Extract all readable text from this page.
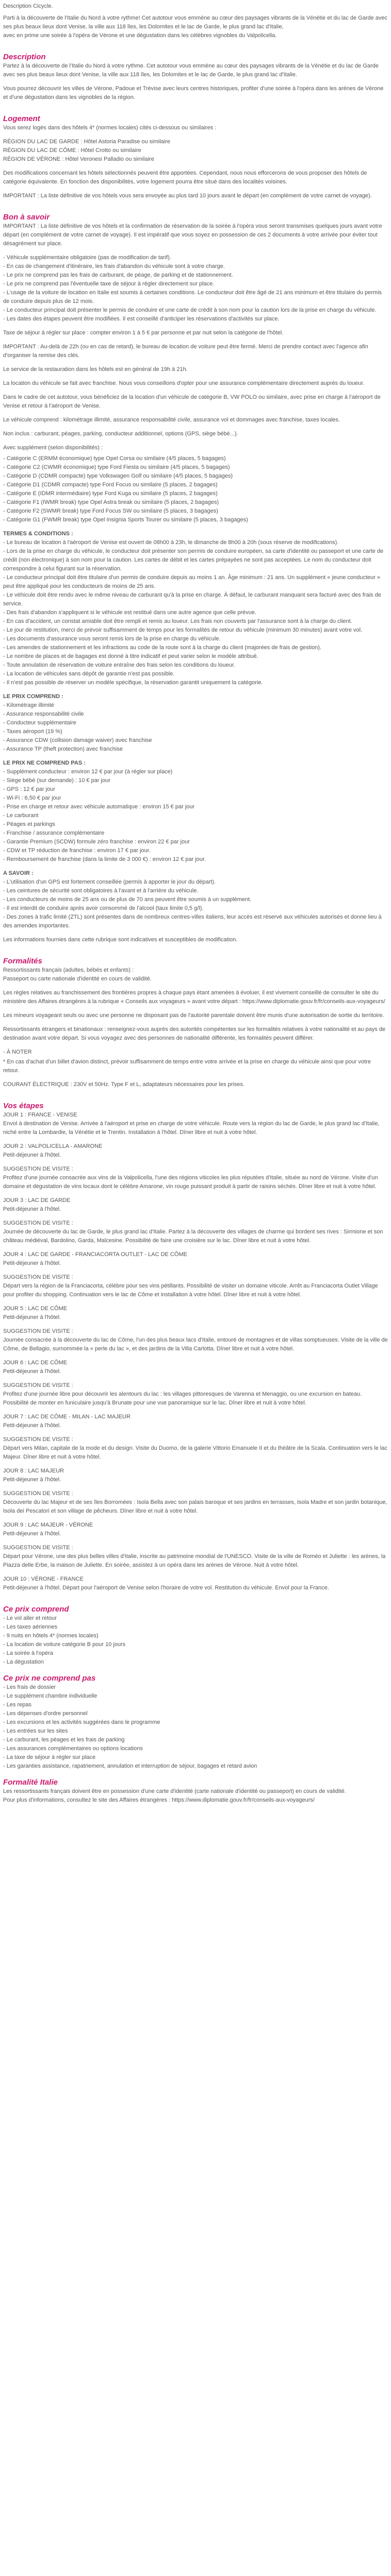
Description Cicycle.

Parti à la découverte de l'Italie du Nord à votre rythme! Cet autotour vous emmène au cœur des paysages vibrants de la Vénétie et du lac de Garde avec ses plus beaux lieux dont Venise, la ville aux 118 îles, les Dolomites et le lac de Garde, le plus grand lac d'Italie,

avec en prime une soirée à l'opéra de Vérone et une dégustation dans les célèbres vignobles du Valpolicella.

Description

Partez à la découverte de l'Italie du Nord à votre rythme. Cet autotour vous emmène au cœur des paysages vibrants de la Vénétie et du lac de Garde avec ses plus beaux lieux dont Venise, la ville aux 118 îles, les Dolomites et le lac de Garde, le plus grand lac d'Italie.

Vous pourrez découvrir les villes de Vérone, Padoue et Trévise avec leurs centres historiques, profiter d'une soirée à l'opéra dans les arènes de Vérone et d'une dégustation dans les vignobles de la région.

Logement

Vous serez logés dans des hôtels 4* (normes locales) cités ci-dessous ou similaires :

RÉGION DU LAC DE GARDE : Hôtel Astoria Paradise ou similaire
RÉGION DU LAC DE CÔME : Hôtel Crotto ou similaire
RÉGION DE VÉRONE : Hôtel Veronesi Palladio ou similaire

Des modifications concernant les hôtels sélectionnés peuvent être apportées. Cependant, nous nous efforcerons de vous proposer des hôtels de catégorie équivalente. En fonction des disponibilités, votre logement pourra être situé dans des localités voisines.

IMPORTANT : La liste définitive de vos hôtels vous sera envoyée au plus tard 10 jours avant le départ (en complément de votre carnet de voyage).

Bon à savoir

IMPORTANT : La liste définitive de vos hôtels et la confirmation de réservation de la soirée à l'opéra vous seront transmises quelques jours avant votre départ (en complément de votre carnet de voyage). Il est impératif que vous soyez en possession de ces 2 documents à votre arrivée pour éviter tout désagrément sur place.

- Véhicule supplémentaire obligatoire (pas de modification de tarif).
- En cas de changement d'itinéraire, les frais d'abandon du véhicule sont à votre charge.
- Le prix ne comprend pas les frais de carburant, de péage, de parking et de stationnement.
- Le prix ne comprend pas l'éventuelle taxe de séjour à régler directement sur place.
- L'usage de la voiture de location en Italie est soumis à certaines conditions. Le conducteur doit être âgé de 21 ans minimum et être titulaire du permis de conduire depuis plus de 12 mois.
- Le conducteur principal doit présenter le permis de conduire et une carte de crédit à son nom pour la caution lors de la prise en charge du véhicule.
- Les dates des étapes peuvent être modifiées. Il est conseillé d'anticiper les réservations d'activités sur place.

Taxe de séjour à régler sur place : compter environ 1 à 5 € par personne et par nuit selon la catégorie de l'hôtel.

IMPORTANT : Au-delà de 22h (ou en cas de retard), le bureau de location de voiture peut être fermé. Merci de prendre contact avec l'agence afin d'organiser la remise des clés.

Le service de la restauration dans les hôtels est en général de 19h à 21h.

La location du véhicule se fait avec franchise. Nous vous conseillons d'opter pour une assurance complémentaire directement auprès du loueur.

Dans le cadre de cet autotour, vous bénéficiez de la location d'un véhicule de catégorie B, VW POLO ou similaire, avec prise en charge à l'aéroport de Venise et retour à l'aéroport de Venise.

Le véhicule comprend : kilométrage illimité, assurance responsabilité civile, assurance vol et dommages avec franchise, taxes locales.

Non inclus : carburant, péages, parking, conducteur additionnel, options (GPS, siège bébé...).

Avec supplément (selon disponibilités) :

- Catégorie C (ERMM économique) type Opel Corsa ou similaire (4/5 places, 5 bagages)
- Catégorie C2 (CWMR économique) type Ford Fiesta ou similaire (4/5 places, 5 bagages)
- Catégorie D (CDMR compacte) type Volkswagen Golf ou similaire (4/5 places, 5 bagages)
- Catégorie D1 (CDMR compacte) type Ford Focus ou similaire (5 places, 2 bagages)
- Catégorie E (IDMR intermédiaire) type Ford Kuga ou similaire (5 places, 2 bagages)
- Catégorie F1 (IWMR break) type Opel Astra break ou similaire (5 places, 2 bagages)
- Catégorie F2 (SWMR break) type Ford Focus SW ou similaire (5 places, 3 bagages)
- Catégorie G1 (FWMR break) type Opel Insignia Sports Tourer ou similaire (5 places, 3 bagages)

TERMES & CONDITIONS :

- Le bureau de location à l'aéroport de Venise est ouvert de 08h00 à 23h, le dimanche de 8h00 à 20h (sous réserve de modifications).
- Lors de la prise en charge du véhicule, le conducteur doit présenter son permis de conduire européen, sa carte d'identité ou passeport et une carte de crédit (non électronique) à son nom pour la caution. Les cartes de débit et les cartes prépayées ne sont pas acceptées. Le nom du conducteur doit correspondre à celui figurant sur la réservation.
- Le conducteur principal doit être titulaire d'un permis de conduire depuis au moins 1 an. Âge minimum : 21 ans. Un supplément « jeune conducteur » peut être appliqué pour les conducteurs de moins de 25 ans.
- Le véhicule doit être rendu avec le même niveau de carburant qu'à la prise en charge. À défaut, le carburant manquant sera facturé avec des frais de service.
- Des frais d'abandon s'appliquent si le véhicule est restitué dans une autre agence que celle prévue.
- En cas d'accident, un constat amiable doit être rempli et remis au loueur. Les frais non couverts par l'assurance sont à la charge du client.
- Le jour de restitution, merci de prévoir suffisamment de temps pour les formalités de retour du véhicule (minimum 30 minutes) avant votre vol.
- Les documents d'assurance vous seront remis lors de la prise en charge du véhicule.
- Les amendes de stationnement et les infractions au code de la route sont à la charge du client (majorées de frais de gestion).
- Le nombre de places et de bagages est donné à titre indicatif et peut varier selon le modèle attribué.
- Toute annulation de réservation de voiture entraîne des frais selon les conditions du loueur.
- La location de véhicules sans dépôt de garantie n'est pas possible.
- Il n'est pas possible de réserver un modèle spécifique, la réservation garantit uniquement la catégorie.

LE PRIX COMPREND :

- Kilométrage illimité
- Assurance responsabilité civile
- Conducteur supplémentaire
- Taxes aéroport (19 %)
- Assurance CDW (collision damage waiver) avec franchise
- Assurance TP (theft protection) avec franchise

LE PRIX NE COMPREND PAS :

- Supplément conducteur : environ 12 € par jour (à régler sur place)
- Siège bébé (sur demande) : 10 € par jour
- GPS : 12 € par jour
- Wi-Fi : 6,50 € par jour
- Prise en charge et retour avec véhicule automatique : environ 15 € par jour
- Le carburant
- Péages et parkings
- Franchise / assurance complémentaire
- Garantie Premium (SCDW) formule zéro franchise : environ 22 € par jour
- CDW et TP réduction de franchise : environ 17 € par jour.
- Remboursement de franchise (dans la limite de 3 000 €) : environ 12 € par jour.

A SAVOIR :

- L'utilisation d'un GPS est fortement conseillée (permis à apporter le jour du départ).
- Les ceintures de sécurité sont obligatoires à l'avant et à l'arrière du véhicule.
- Les conducteurs de moins de 25 ans ou de plus de 70 ans peuvent être soumis à un supplément.
- Il est interdit de conduire après avoir consommé de l'alcool (taux limite 0,5 g/l).
- Des zones à trafic limité (ZTL) sont présentes dans de nombreux centres-villes italiens, leur accès est réservé aux véhicules autorisés et donne lieu à des amendes importantes.

Les informations fournies dans cette rubrique sont indicatives et susceptibles de modification.

Formalités
Ressortissants français (adultes, bébés et enfants) :
Passeport ou carte nationale d'identité en cours de validité.

Les règles relatives au franchissement des frontières propres à chaque pays étant amenées à évoluer, il est vivement conseillé de consulter le site du ministère des Affaires étrangères à la rubrique « Conseils aux voyageurs » avant votre départ : https://www.diplomatie.gouv.fr/fr/conseils-aux-voyageurs/

Les mineurs voyageant seuls ou avec une personne ne disposant pas de l'autorité parentale doivent être munis d'une autorisation de sortie du territoire.

Ressortissants étrangers et binationaux : renseignez-vous auprès des autorités compétentes sur les formalités relatives à votre nationalité et au pays de destination avant votre départ. Si vous voyagez avec des personnes de nationalité différente, les formalités peuvent différer.

- À NOTER

* En cas d'achat d'un billet d'avion distinct, prévoir suffisamment de temps entre votre arrivée et la prise en charge du véhicule ainsi que pour votre retour.

COURANT ÉLECTRIQUE : 230V et 50Hz. Type F et L, adaptateurs nécessaires pour les prises.

Vos étapes
JOUR 1 : FRANCE - VENISE

Envol à destination de Venise. Arrivée à l'aéroport et prise en charge de votre véhicule. Route vers la région du lac de Garde, le plus grand lac d'Italie, niché entre la Lombardie, la Vénétie et le Trentin. Installation à l'hôtel. Dîner libre et nuit à votre hôtel.

JOUR 2 : VALPOLICELLA - AMARONE
Petit-déjeuner à l'hôtel.
SUGGESTION DE VISITE :

Profitez d'une journée consacrée aux vins de la Valpolicella, l'une des régions viticoles les plus réputées d'Italie, située au nord de Vérone. Visite d'un domaine et dégustation de vins locaux dont le célèbre Amarone, vin rouge puissant produit à partir de raisins séchés. Dîner libre et nuit à votre hôtel.

JOUR 3 : LAC DE GARDE
Petit-déjeuner à l'hôtel.
SUGGESTION DE VISITE :

Journée de découverte du lac de Garde, le plus grand lac d'Italie. Partez à la découverte des villages de charme qui bordent ses rives : Sirmione et son château médiéval, Bardolino, Garda, Malcesine. Possibilité de faire une croisière sur le lac. Dîner libre et nuit à votre hôtel.

JOUR 4 : LAC DE GARDE - FRANCIACORTA OUTLET - LAC DE CÔME
Petit-déjeuner à l'hôtel.
SUGGESTION DE VISITE :

Départ vers la région de la Franciacorta, célèbre pour ses vins pétillants. Possibilité de visiter un domaine viticole. Arrêt au Franciacorta Outlet Village pour profiter du shopping. Continuation vers le lac de Côme et installation à votre hôtel. Dîner libre et nuit à votre hôtel.

JOUR 5 : LAC DE CÔME
Petit-déjeuner à l'hôtel.
SUGGESTION DE VISITE :

Journée consacrée à la découverte du lac de Côme, l'un des plus beaux lacs d'Italie, entouré de montagnes et de villas somptueuses. Visite de la ville de Côme, de Bellagio, surnommée la « perle du lac », et des jardins de la Villa Carlotta. Dîner libre et nuit à votre hôtel.

JOUR 6 : LAC DE CÔME
Petit-déjeuner à l'hôtel.
SUGGESTION DE VISITE :

Profitez d'une journée libre pour découvrir les alentours du lac : les villages pittoresques de Varenna et Menaggio, ou une excursion en bateau. Possibilité de monter en funiculaire jusqu'à Brunate pour une vue panoramique sur le lac. Dîner libre et nuit à votre hôtel.

JOUR 7 : LAC DE CÔME - MILAN - LAC MAJEUR
Petit-déjeuner à l'hôtel.
SUGGESTION DE VISITE :

Départ vers Milan, capitale de la mode et du design. Visite du Duomo, de la galerie Vittorio Emanuele II et du théâtre de la Scala. Continuation vers le lac Majeur. Dîner libre et nuit à votre hôtel.

JOUR 8 : LAC MAJEUR
Petit-déjeuner à l'hôtel.
SUGGESTION DE VISITE :

Découverte du lac Majeur et de ses îles Borromées : Isola Bella avec son palais baroque et ses jardins en terrasses, Isola Madre et son jardin botanique, Isola dei Pescatori et son village de pêcheurs. Dîner libre et nuit à votre hôtel.

JOUR 9 : LAC MAJEUR - VÉRONE
Petit-déjeuner à l'hôtel.
SUGGESTION DE VISITE :

Départ pour Vérone, une des plus belles villes d'Italie, inscrite au patrimoine mondial de l'UNESCO. Visite de la ville de Roméo et Juliette : les arènes, la Piazza delle Erbe, la maison de Juliette. En soirée, assistez à un opéra dans les arènes de Vérone. Nuit à votre hôtel.

JOUR 10 : VÉRONE - FRANCE

Petit-déjeuner à l'hôtel. Départ pour l'aéroport de Venise selon l'horaire de votre vol. Restitution du véhicule. Envol pour la France.

Ce prix comprend
- Le vol aller et retour
- Les taxes aériennes
- 9 nuits en hôtels 4* (normes locales)
- La location de voiture catégorie B pour 10 jours
- La soirée à l'opéra
- La dégustation
Ce prix ne comprend pas
- Les frais de dossier
- Le supplément chambre individuelle
- Les repas
- Les dépenses d'ordre personnel
- Les excursions et les activités suggérées dans le programme
- Les entrées sur les sites
- Le carburant, les péages et les frais de parking
- Les assurances complémentaires ou options locations
- La taxe de séjour à régler sur place
- Les garanties assistance, rapatriement, annulation et interruption de séjour, bagages et retard avion
Formalité Italie
Les ressortissants français doivent être en possession d'une carte d'identité (carte nationale d'identité ou passeport) en cours de validité.
Pour plus d'informations, consultez le site des Affaires étrangères : https://www.diplomatie.gouv.fr/fr/conseils-aux-voyageurs/
